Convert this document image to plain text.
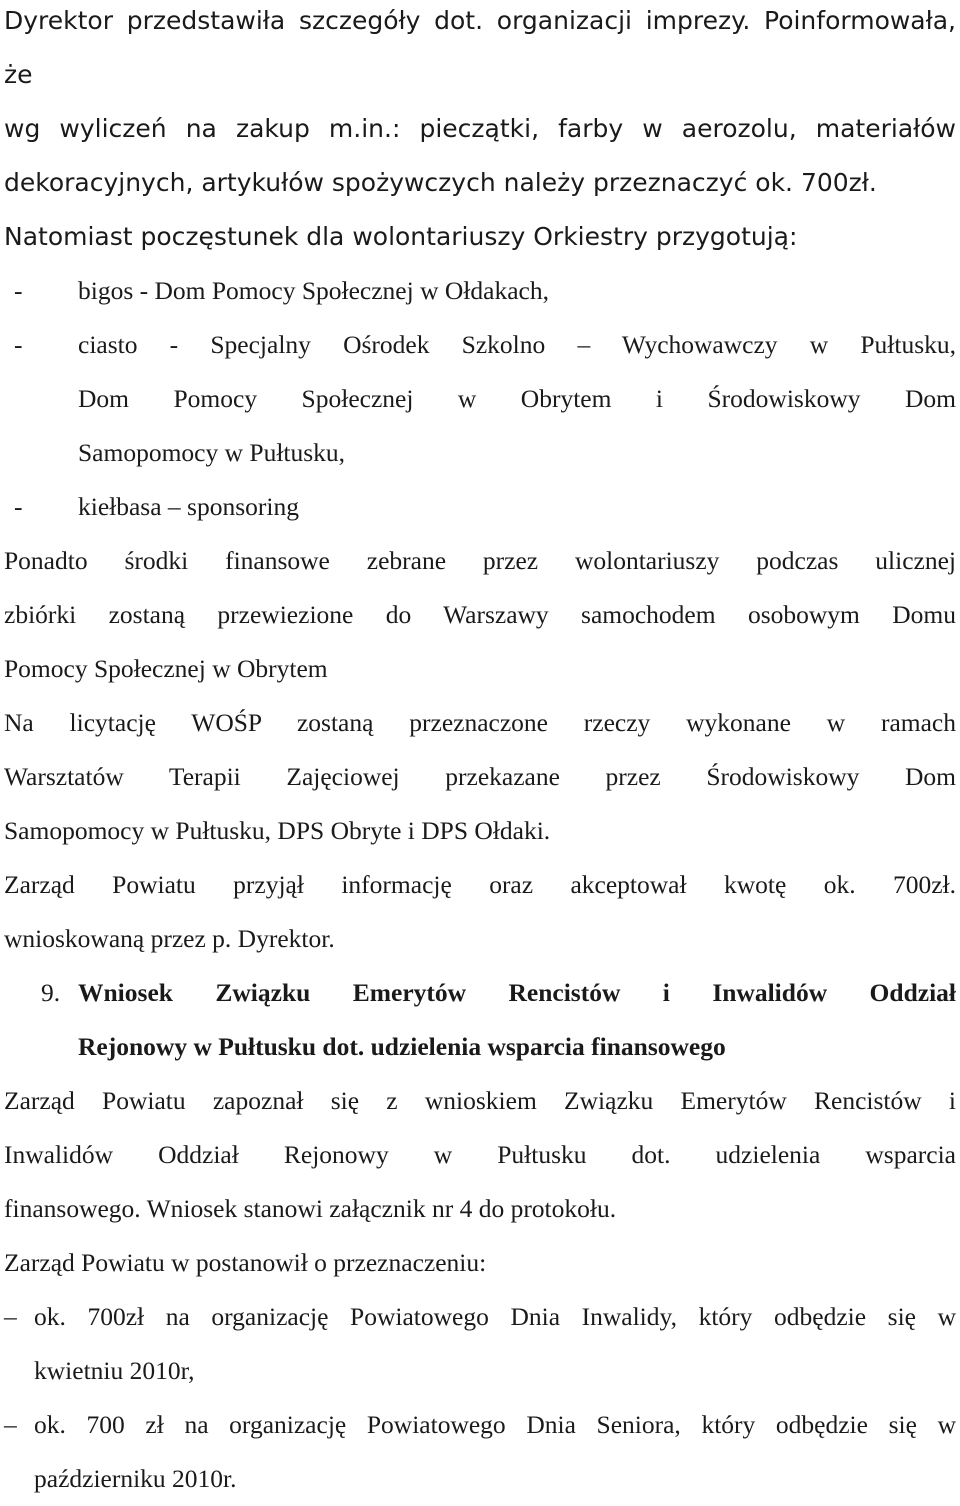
Dyrektor przedstawiła szczegóły dot. organizacji imprezy. Poinformowała,
że
wg wyliczeń na zakup m.in.: pieczątki, farby w aerozolu, materiałów
dekoracyjnych, artykułów spożywczych należy przeznaczyć ok. 700zł.
Natomiast poczęstunek dla wolontariuszy Orkiestry przygotują:
-	bigos - Dom Pomocy Społecznej w Ołdakach,
-	ciasto - Specjalny Ośrodek Szkolno – Wychowawczy w Pułtusku,
Dom Pomocy Społecznej w Obrytem i Środowiskowy Dom
Samopomocy w Pułtusku,
-	kiełbasa – sponsoring
Ponadto środki finansowe zebrane przez wolontariuszy podczas ulicznej
zbiórki zostaną przewiezione do Warszawy samochodem osobowym Domu
Pomocy Społecznej w Obrytem
Na licytację WOŚP zostaną przeznaczone rzeczy wykonane w ramach
Warsztatów Terapii Zajęciowej przekazane przez Środowiskowy Dom
Samopomocy w Pułtusku, DPS Obryte i DPS Ołdaki.
Zarząd Powiatu przyjął informację oraz akceptował kwotę ok. 700zł.
wnioskowaną przez p. Dyrektor.
9. Wniosek Związku Emerytów Rencistów i Inwalidów Oddział
Rejonowy w Pułtusku dot. udzielenia wsparcia finansowego
Zarząd Powiatu zapoznał się z wnioskiem Związku Emerytów Rencistów i
Inwalidów Oddział Rejonowy w Pułtusku dot. udzielenia wsparcia
finansowego. Wniosek stanowi załącznik nr 4 do protokołu.
Zarząd Powiatu w postanowił o przeznaczeniu:
– ok. 700zł na organizację Powiatowego Dnia Inwalidy, który odbędzie się w
kwietniu 2010r,
– ok. 700 zł na organizację Powiatowego Dnia Seniora, który odbędzie się w
październiku 2010r.
